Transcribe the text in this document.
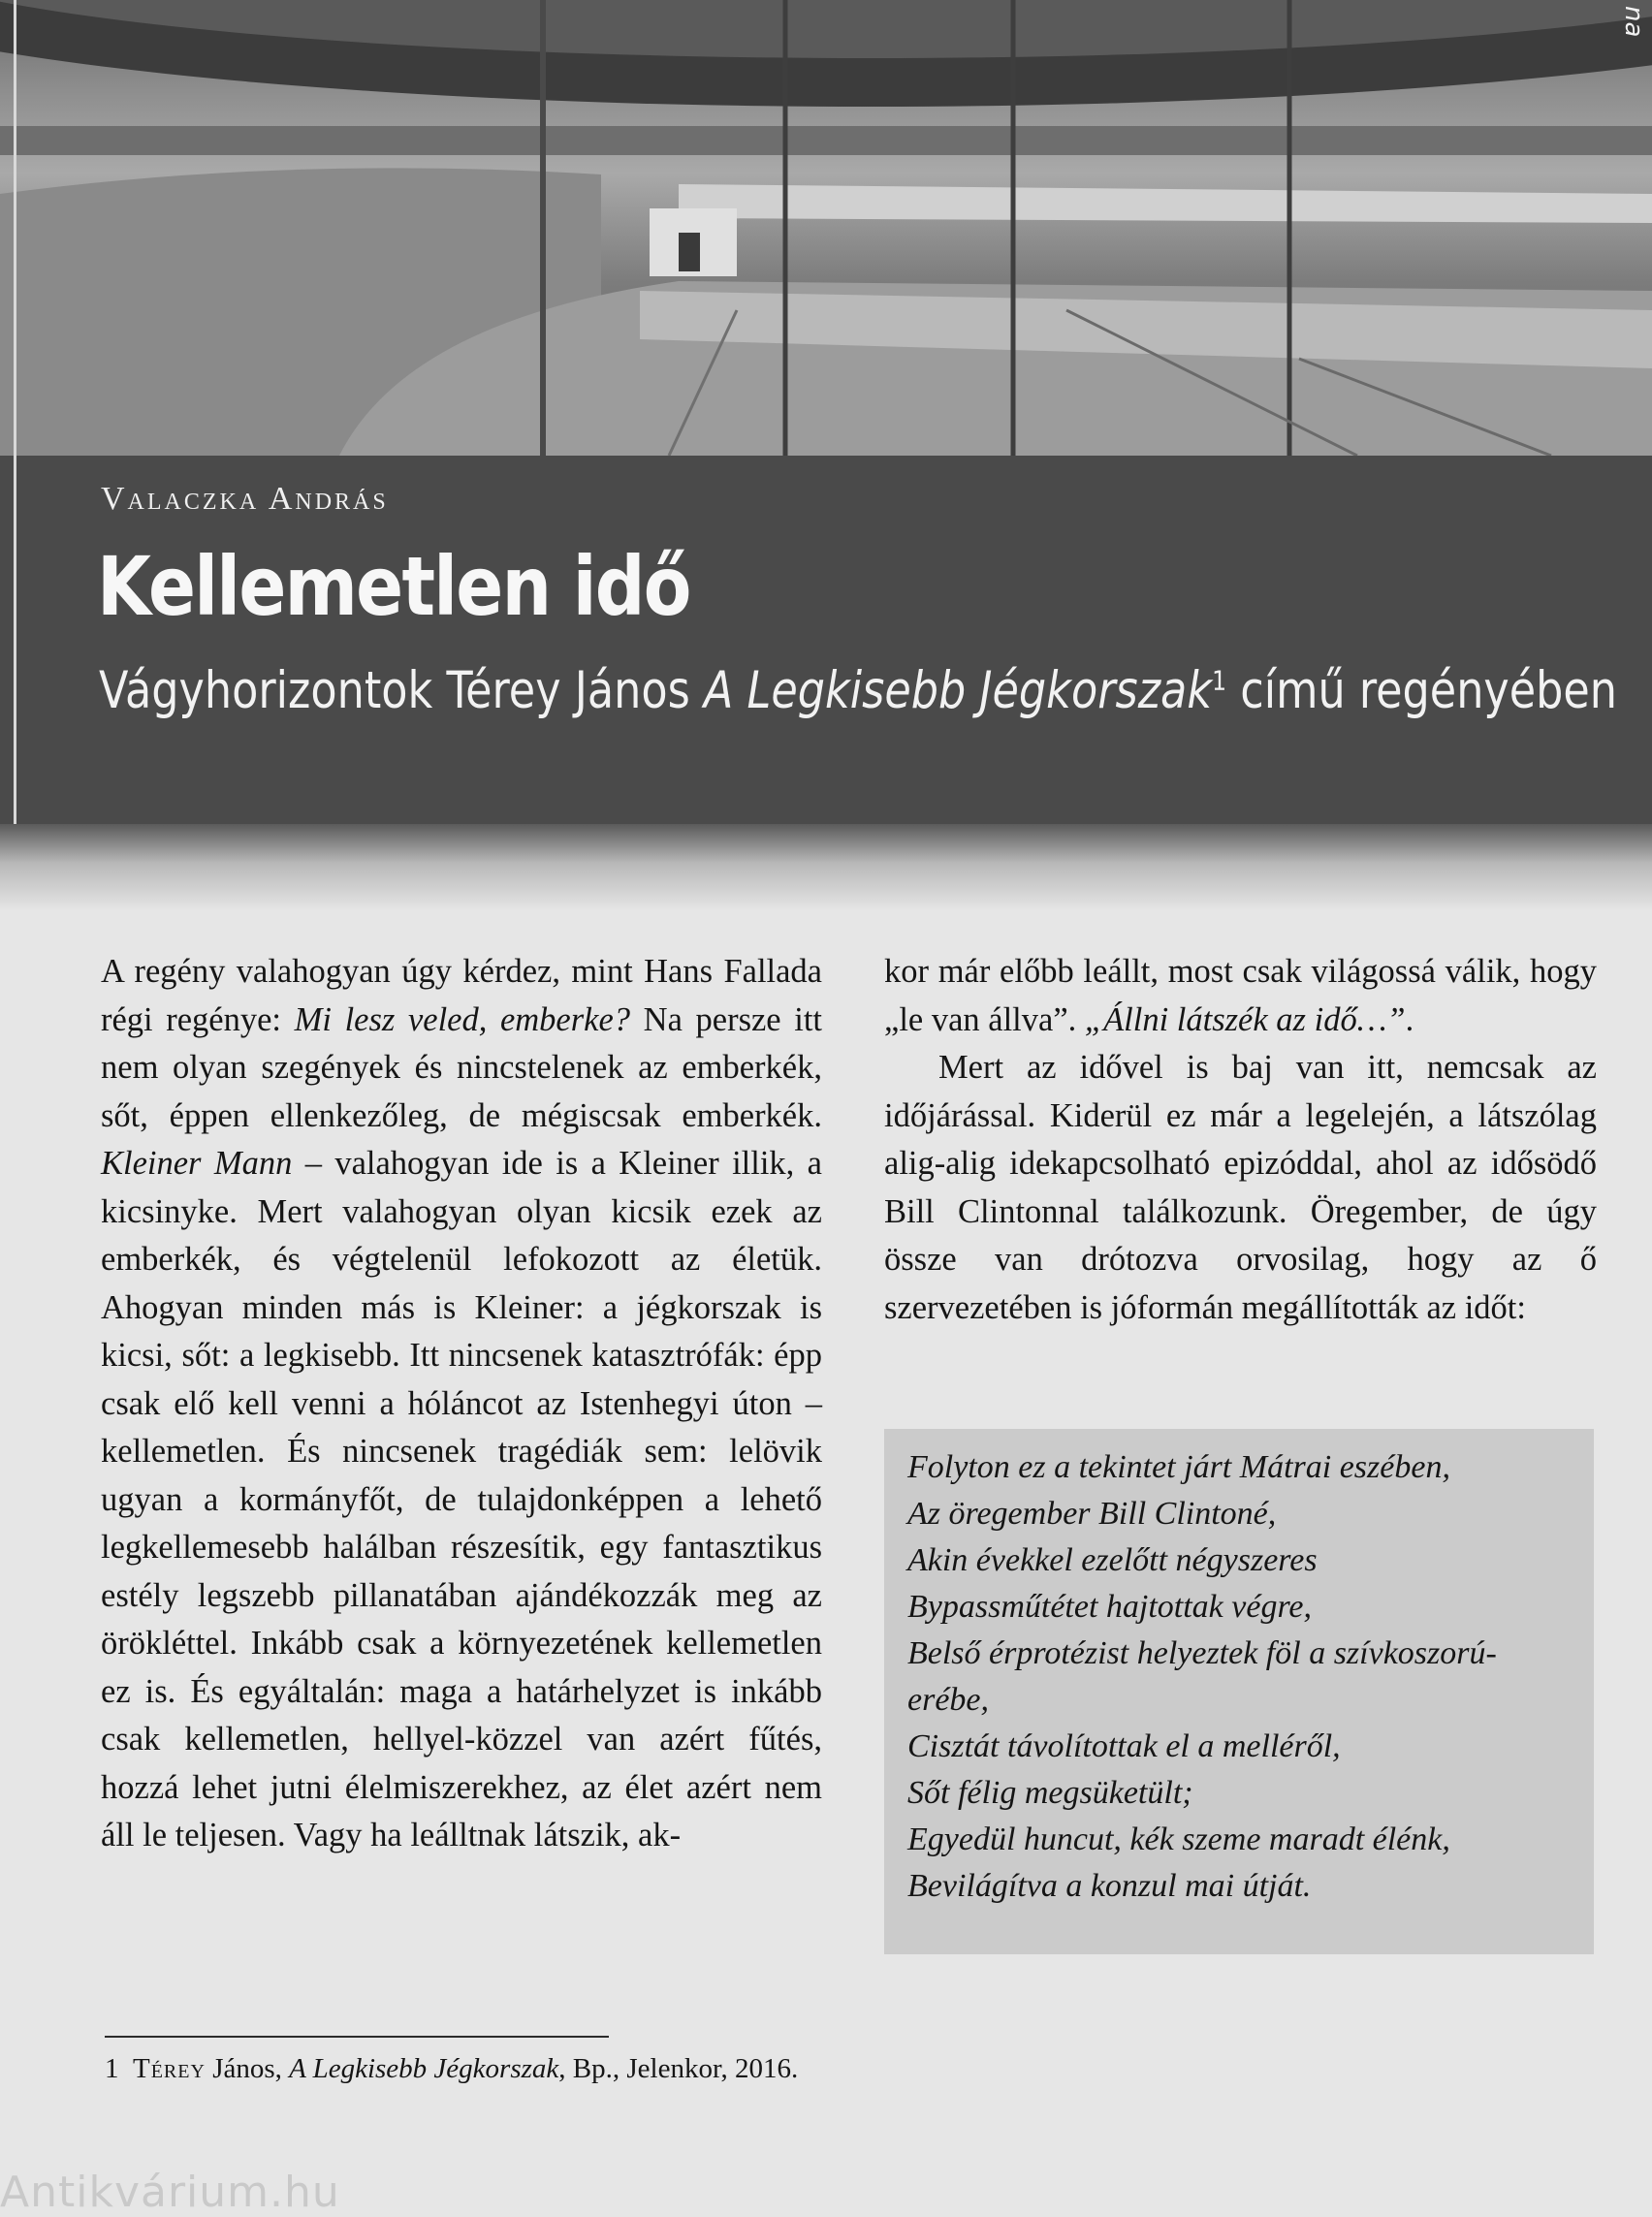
na
Valaczka András
Kellemetlen idő
Vágyhorizontok Térey János A Legkisebb Jégkorszak$^1$ című regényében

A regény valahogyan úgy kérdez, mint Hans Fallada régi regénye: Mi lesz veled, emberke? Na persze itt nem olyan szegények és nincstelenek az emberkék, sőt, éppen ellenkezőleg, de mégiscsak emberkék. Kleiner Mann – valahogyan ide is a Kleiner illik, a kicsinyke. Mert valahogyan olyan kicsik ezek az emberkék, és végtelenül lefokozott az életük. Ahogyan minden más is Kleiner: a jégkorszak is kicsi, sőt: a legkisebb. Itt nincsenek katasztrófák: épp csak elő kell venni a hóláncot az Istenhegyi úton – kellemetlen. És nincsenek tragédiák sem: lelövik ugyan a kormányfőt, de tulajdonképpen a lehető legkellemesebb halálban részesítik, egy fantasztikus estély legszebb pillanatában ajándékozzák meg az örökléttel. Inkább csak a környezetének kellemetlen ez is. És egyáltalán: maga a határhelyzet is inkább csak kellemetlen, hellyel-közzel van azért fűtés, hozzá lehet jutni élelmiszerekhez, az élet azért nem áll le teljesen. Vagy ha leálltnak látszik, ak-

kor már előbb leállt, most csak világossá válik, hogy „le van állva”. „Állni látszék az idő…”.

Mert az idővel is baj van itt, nemcsak az időjárással. Kiderül ez már a legelején, a látszólag alig-alig idekapcsolható epizóddal, ahol az idősödő Bill Clintonnal találkozunk. Öregember, de úgy össze van drótozva orvosilag, hogy az ő szervezetében is jóformán megállították az időt:

Folyton ez a tekintet járt Mátrai eszében,
Az öregember Bill Clintoné,
Akin évekkel ezelőtt négyszeres
Bypassműtétet hajtottak végre,
Belső érprotézist helyeztek föl a szívkoszorú-
erébe,
Cisztát távolítottak el a melléről,
Sőt félig megsüketült;
Egyedül huncut, kék szeme maradt élénk,
Bevilágítva a konzul mai útját.
1 Térey János, A Legkisebb Jégkorszak, Bp., Jelenkor, 2016.
Antikvárium.hu
